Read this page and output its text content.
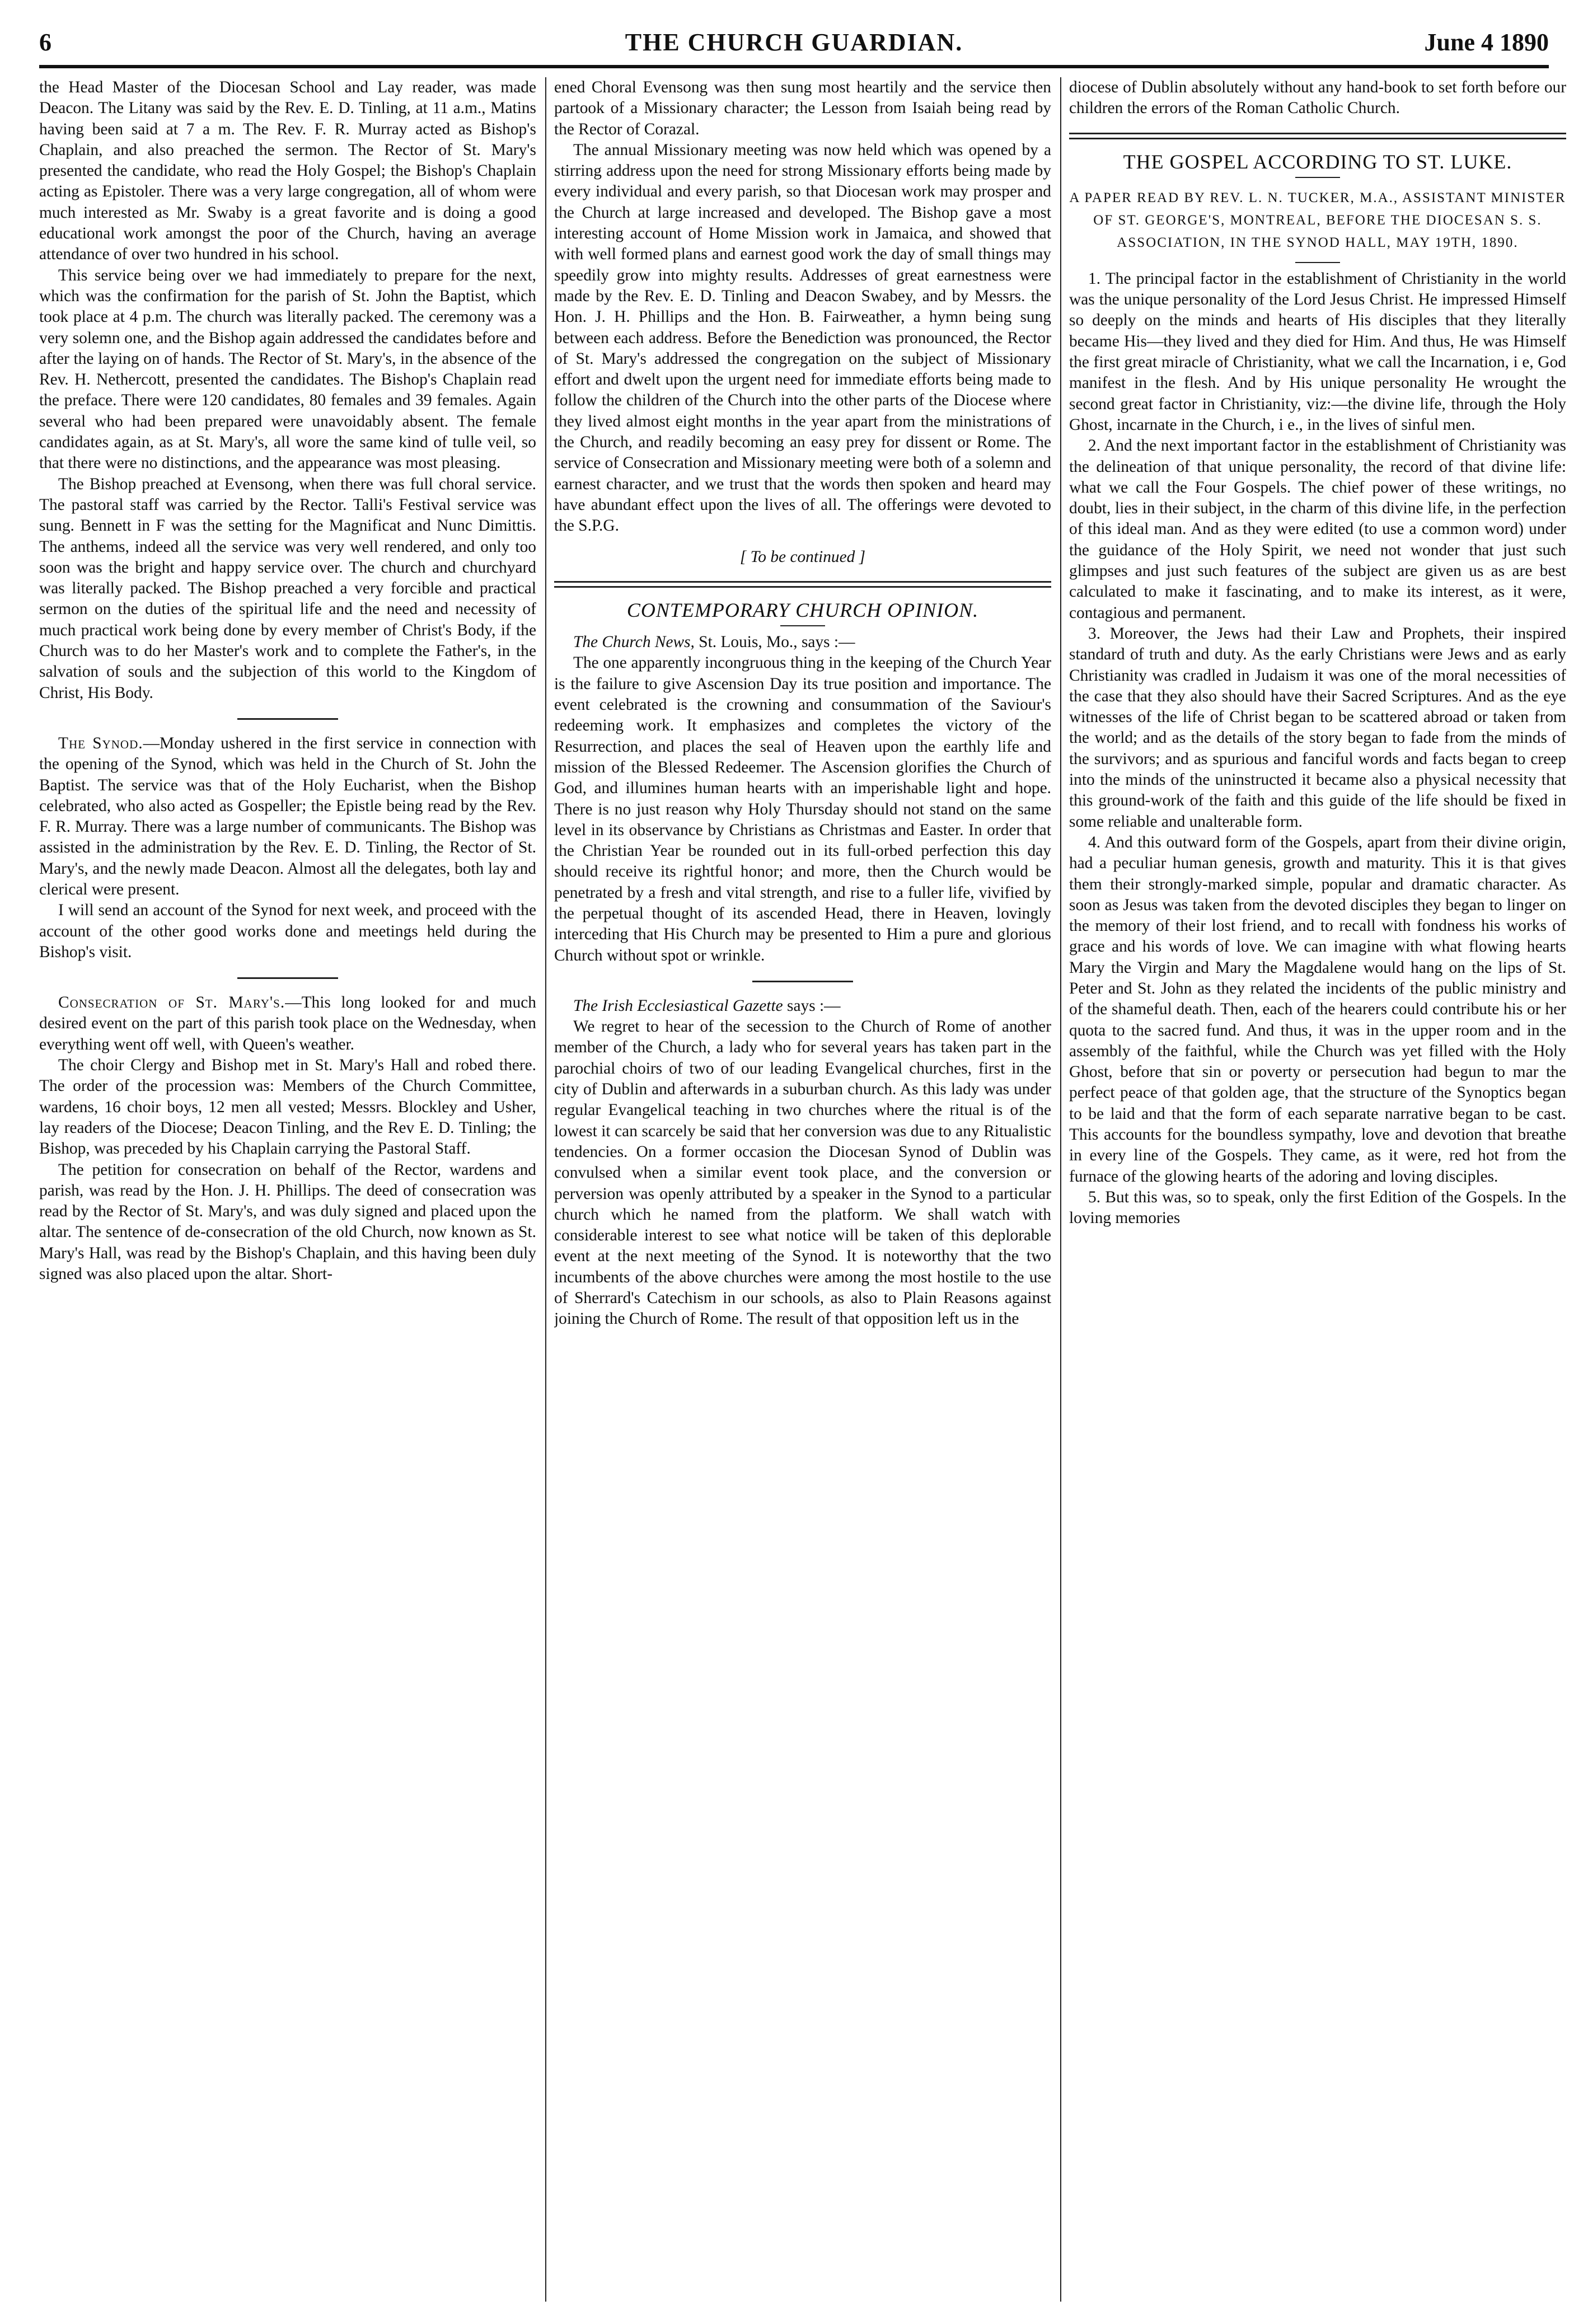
6	THE CHURCH GUARDIAN.	June 4 1890

the Head Master of the Diocesan School and Lay reader, was made Deacon. The Litany was said by the Rev. E. D. Tinling, at 11 a.m., Matins having been said at 7 a m. The Rev. F. R. Murray acted as Bishop's Chaplain, and also preached the sermon. The Rector of St. Mary's presented the candidate, who read the Holy Gospel; the Bishop's Chaplain acting as Epistoler. There was a very large congregation, all of whom were much interested as Mr. Swaby is a great favorite and is doing a good educational work amongst the poor of the Church, having an average attendance of over two hundred in his school.

This service being over we had immediately to prepare for the next, which was the confirmation for the parish of St. John the Baptist, which took place at 4 p.m. The church was literally packed. The ceremony was a very solemn one, and the Bishop again addressed the candidates before and after the laying on of hands. The Rector of St. Mary's, in the absence of the Rev. H. Nethercott, presented the candidates. The Bishop's Chaplain read the preface. There were 120 candidates, 80 females and 39 females. Again several who had been prepared were unavoidably absent. The female candidates again, as at St. Mary's, all wore the same kind of tulle veil, so that there were no distinctions, and the appearance was most pleasing.

The Bishop preached at Evensong, when there was full choral service. The pastoral staff was carried by the Rector. Talli's Festival service was sung. Bennett in F was the setting for the Magnificat and Nunc Dimittis. The anthems, indeed all the service was very well rendered, and only too soon was the bright and happy service over. The church and churchyard was literally packed. The Bishop preached a very forcible and practical sermon on the duties of the spiritual life and the need and necessity of much practical work being done by every member of Christ's Body, if the Church was to do her Master's work and to complete the Father's, in the salvation of souls and the subjection of this world to the Kingdom of Christ, His Body.

The Synod.—Monday ushered in the first service in connection with the opening of the Synod, which was held in the Church of St. John the Baptist. The service was that of the Holy Eucharist, when the Bishop celebrated, who also acted as Gospeller; the Epistle being read by the Rev. F. R. Murray. There was a large number of communicants. The Bishop was assisted in the administration by the Rev. E. D. Tinling, the Rector of St. Mary's, and the newly made Deacon. Almost all the delegates, both lay and clerical were present.

I will send an account of the Synod for next week, and proceed with the account of the other good works done and meetings held during the Bishop's visit.

Consecration of St. Mary's.—This long looked for and much desired event on the part of this parish took place on the Wednesday, when everything went off well, with Queen's weather.

The choir Clergy and Bishop met in St. Mary's Hall and robed there. The order of the procession was: Members of the Church Committee, wardens, 16 choir boys, 12 men all vested; Messrs. Blockley and Usher, lay readers of the Diocese; Deacon Tinling, and the Rev E. D. Tinling; the Bishop, was preceded by his Chaplain carrying the Pastoral Staff.

The petition for consecration on behalf of the Rector, wardens and parish, was read by the Hon. J. H. Phillips. The deed of consecration was read by the Rector of St. Mary's, and was duly signed and placed upon the altar. The sentence of de-consecration of the old Church, now known as St. Mary's Hall, was read by the Bishop's Chaplain, and this having been duly signed was also placed upon the altar. Short-

ened Choral Evensong was then sung most heartily and the service then partook of a Missionary character; the Lesson from Isaiah being read by the Rector of Corazal.

The annual Missionary meeting was now held which was opened by a stirring address upon the need for strong Missionary efforts being made by every individual and every parish, so that Diocesan work may prosper and the Church at large increased and developed. The Bishop gave a most interesting account of Home Mission work in Jamaica, and showed that with well formed plans and earnest good work the day of small things may speedily grow into mighty results. Addresses of great earnestness were made by the Rev. E. D. Tinling and Deacon Swabey, and by Messrs. the Hon. J. H. Phillips and the Hon. B. Fairweather, a hymn being sung between each address. Before the Benediction was pronounced, the Rector of St. Mary's addressed the congregation on the subject of Missionary effort and dwelt upon the urgent need for immediate efforts being made to follow the children of the Church into the other parts of the Diocese where they lived almost eight months in the year apart from the ministrations of the Church, and readily becoming an easy prey for dissent or Rome. The service of Consecration and Missionary meeting were both of a solemn and earnest character, and we trust that the words then spoken and heard may have abundant effect upon the lives of all. The offerings were devoted to the S.P.G.

[ To be continued ]

CONTEMPORARY CHURCH OPINION.

The Church News, St. Louis, Mo., says :—

The one apparently incongruous thing in the keeping of the Church Year is the failure to give Ascension Day its true position and importance. The event celebrated is the crowning and consummation of the Saviour's redeeming work. It emphasizes and completes the victory of the Resurrection, and places the seal of Heaven upon the earthly life and mission of the Blessed Redeemer. The Ascension glorifies the Church of God, and illumines human hearts with an imperishable light and hope. There is no just reason why Holy Thursday should not stand on the same level in its observance by Christians as Christmas and Easter. In order that the Christian Year be rounded out in its full-orbed perfection this day should receive its rightful honor; and more, then the Church would be penetrated by a fresh and vital strength, and rise to a fuller life, vivified by the perpetual thought of its ascended Head, there in Heaven, lovingly interceding that His Church may be presented to Him a pure and glorious Church without spot or wrinkle.

The Irish Ecclesiastical Gazette says :—

We regret to hear of the secession to the Church of Rome of another member of the Church, a lady who for several years has taken part in the parochial choirs of two of our leading Evangelical churches, first in the city of Dublin and afterwards in a suburban church. As this lady was under regular Evangelical teaching in two churches where the ritual is of the lowest it can scarcely be said that her conversion was due to any Ritualistic tendencies. On a former occasion the Diocesan Synod of Dublin was convulsed when a similar event took place, and the conversion or perversion was openly attributed by a speaker in the Synod to a particular church which he named from the platform. We shall watch with considerable interest to see what notice will be taken of this deplorable event at the next meeting of the Synod. It is noteworthy that the two incumbents of the above churches were among the most hostile to the use of Sherrard's Catechism in our schools, as also to Plain Reasons against joining the Church of Rome. The result of that opposition left us in the

diocese of Dublin absolutely without any hand-book to set forth before our children the errors of the Roman Catholic Church.

THE GOSPEL ACCORDING TO ST. LUKE.

A PAPER READ BY REV. L. N. TUCKER, M.A., ASSISTANT MINISTER OF ST. GEORGE'S, MONTREAL, BEFORE THE DIOCESAN S. S. ASSOCIATION, IN THE SYNOD HALL, MAY 19TH, 1890.

1. The principal factor in the establishment of Christianity in the world was the unique personality of the Lord Jesus Christ. He impressed Himself so deeply on the minds and hearts of His disciples that they literally became His—they lived and they died for Him. And thus, He was Himself the first great miracle of Christianity, what we call the Incarnation, i e, God manifest in the flesh. And by His unique personality He wrought the second great factor in Christianity, viz:—the divine life, through the Holy Ghost, incarnate in the Church, i e., in the lives of sinful men.

2. And the next important factor in the establishment of Christianity was the delineation of that unique personality, the record of that divine life: what we call the Four Gospels. The chief power of these writings, no doubt, lies in their subject, in the charm of this divine life, in the perfection of this ideal man. And as they were edited (to use a common word) under the guidance of the Holy Spirit, we need not wonder that just such glimpses and just such features of the subject are given us as are best calculated to make it fascinating, and to make its interest, as it were, contagious and permanent.

3. Moreover, the Jews had their Law and Prophets, their inspired standard of truth and duty. As the early Christians were Jews and as early Christianity was cradled in Judaism it was one of the moral necessities of the case that they also should have their Sacred Scriptures. And as the eye witnesses of the life of Christ began to be scattered abroad or taken from the world; and as the details of the story began to fade from the minds of the survivors; and as spurious and fanciful words and facts began to creep into the minds of the uninstructed it became also a physical necessity that this ground-work of the faith and this guide of the life should be fixed in some reliable and unalterable form.

4. And this outward form of the Gospels, apart from their divine origin, had a peculiar human genesis, growth and maturity. This it is that gives them their strongly-marked simple, popular and dramatic character. As soon as Jesus was taken from the devoted disciples they began to linger on the memory of their lost friend, and to recall with fondness his works of grace and his words of love. We can imagine with what flowing hearts Mary the Virgin and Mary the Magdalene would hang on the lips of St. Peter and St. John as they related the incidents of the public ministry and of the shameful death. Then, each of the hearers could contribute his or her quota to the sacred fund. And thus, it was in the upper room and in the assembly of the faithful, while the Church was yet filled with the Holy Ghost, before that sin or poverty or persecution had begun to mar the perfect peace of that golden age, that the structure of the Synoptics began to be laid and that the form of each separate narrative began to be cast. This accounts for the boundless sympathy, love and devotion that breathe in every line of the Gospels. They came, as it were, red hot from the furnace of the glowing hearts of the adoring and loving disciples.

5. But this was, so to speak, only the first Edition of the Gospels. In the loving memories
